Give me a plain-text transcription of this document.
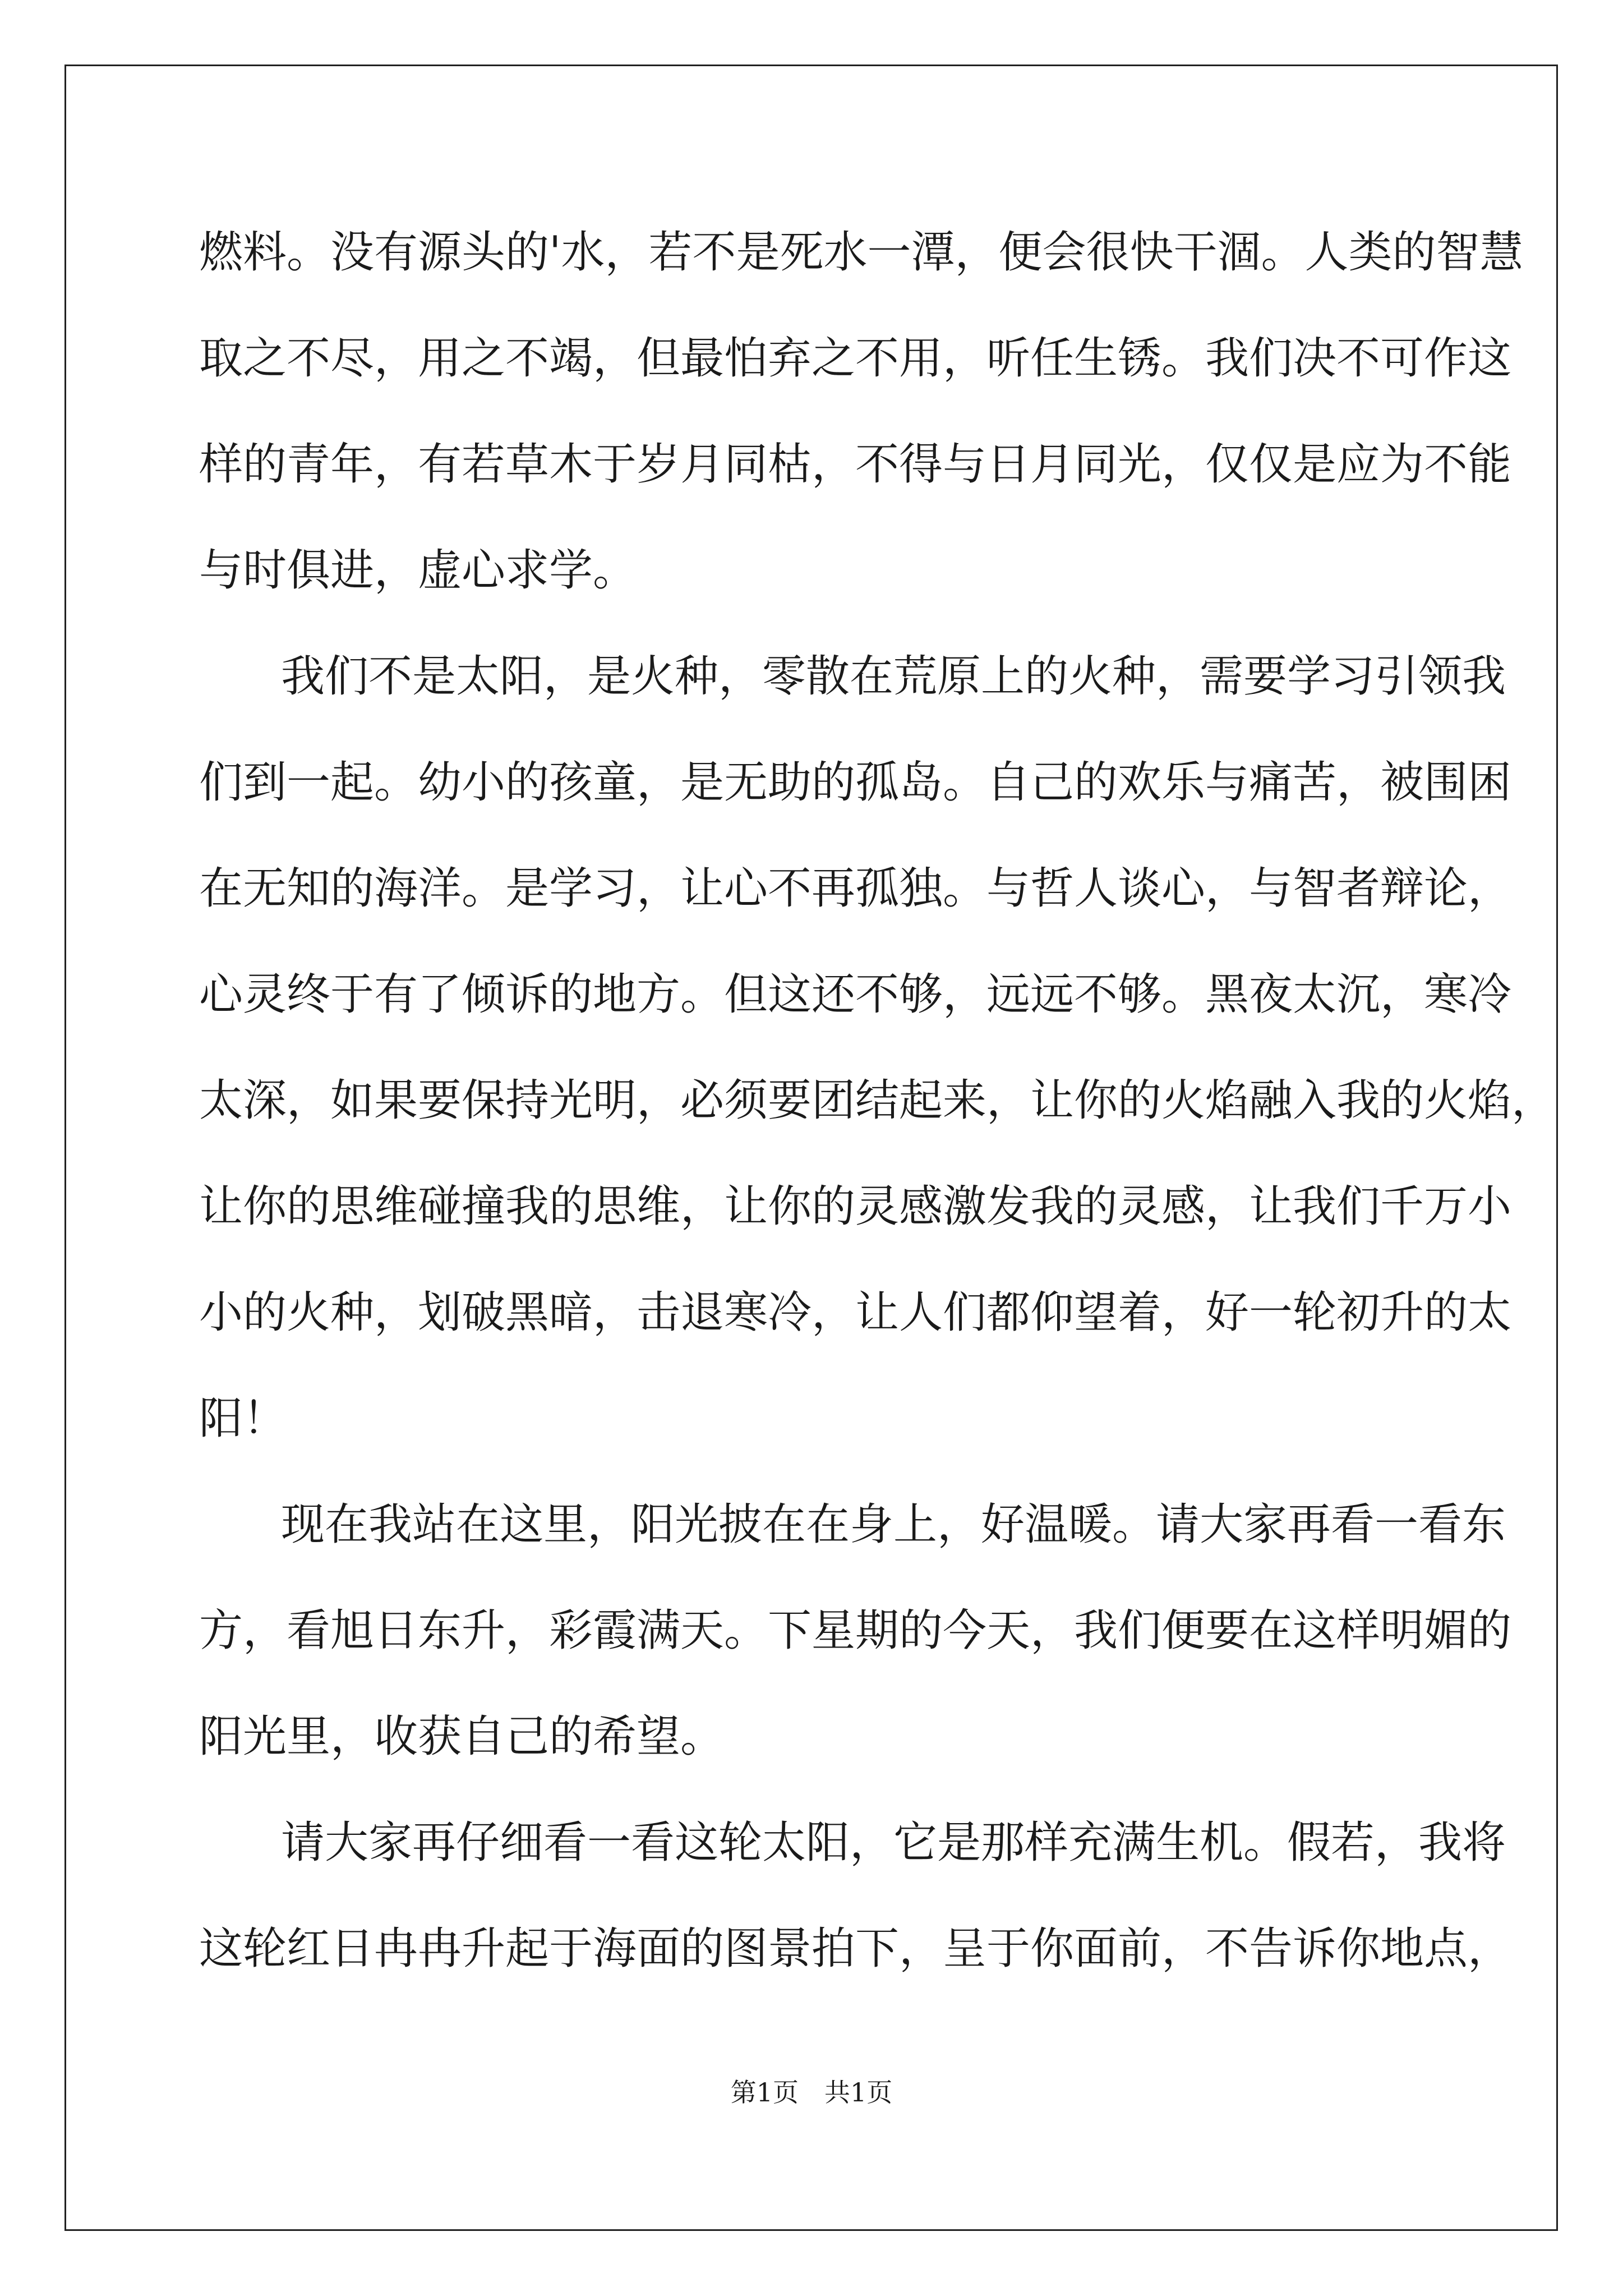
燃料。没有源头的'水，若不是死水一潭，便会很快干涸。人类的智慧
取之不尽，用之不竭，但最怕弃之不用，听任生锈。我们决不可作这
样的青年，有若草木于岁月同枯，不得与日月同光，仅仅是应为不能
与时俱进，虚心求学。
我们不是太阳，是火种，零散在荒原上的火种，需要学习引领我
们到一起。幼小的孩童，是无助的孤岛。自己的欢乐与痛苦，被围困
在无知的海洋。是学习，让心不再孤独。与哲人谈心，与智者辩论，
心灵终于有了倾诉的地方。但这还不够，远远不够。黑夜太沉，寒冷
太深，如果要保持光明，必须要团结起来，让你的火焰融入我的火焰，
让你的思维碰撞我的思维，让你的灵感激发我的灵感，让我们千万小
小的火种，划破黑暗，击退寒冷，让人们都仰望着，好一轮初升的太
阳！
现在我站在这里，阳光披在在身上，好温暖。请大家再看一看东
方，看旭日东升，彩霞满天。下星期的今天，我们便要在这样明媚的
阳光里，收获自己的希望。
请大家再仔细看一看这轮太阳，它是那样充满生机。假若，我将
这轮红日冉冉升起于海面的图景拍下，呈于你面前，不告诉你地点，
第1页　共1页
